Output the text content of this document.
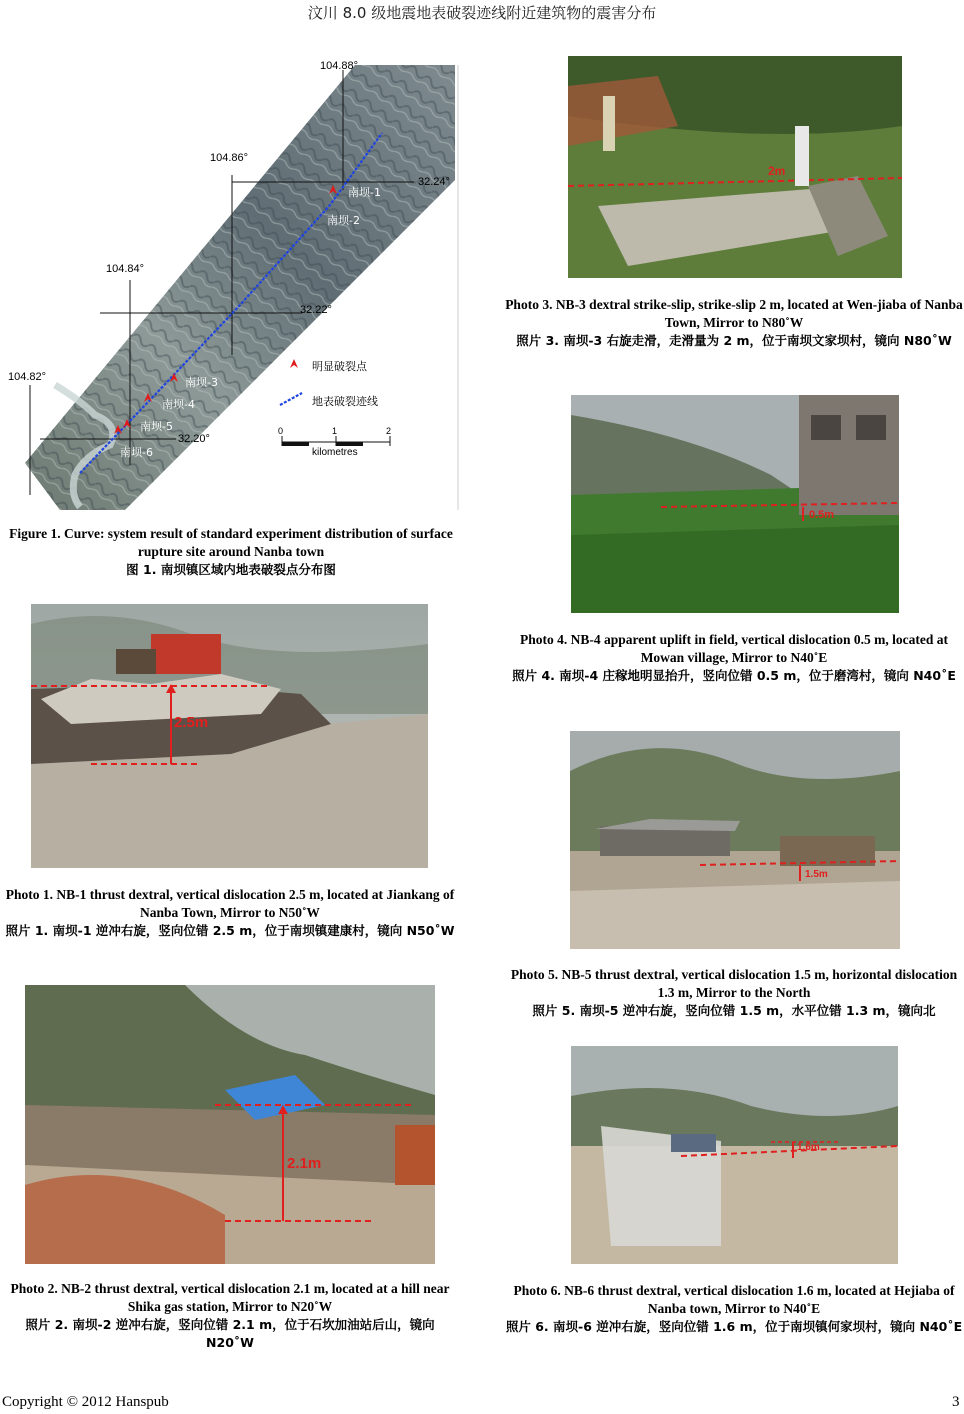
汶川 8.0 级地震地表破裂迹线附近建筑物的震害分布
104.88°
104.86°
104.84°
104.82°
32.24°
32.22°
32.20°
南坝-1
南坝-2
南坝-3
南坝-4
南坝-5
南坝-6
明显破裂点
地表破裂迹线
0	1	2
kilometres
Figure 1. Curve: system result of standard experiment distribution of surface rupture site around Nanba town
图 1. 南坝镇区域内地表破裂点分布图
2.5m
Photo 1. NB-1 thrust dextral, vertical dislocation 2.5 m, located at Jiankang of Nanba Town, Mirror to N50˚W
照片 1. 南坝-1 逆冲右旋，竖向位错 2.5 m，位于南坝镇建康村，镜向 N50˚W
2.1m
Photo 2. NB-2 thrust dextral, vertical dislocation 2.1 m, located at a hill near Shika gas station, Mirror to N20˚W
照片 2. 南坝-2 逆冲右旋，竖向位错 2.1 m，位于石坎加油站后山，镜向 N20˚W
2m
Photo 3. NB-3 dextral strike-slip, strike-slip 2 m, located at Wen-jiaba of Nanba Town, Mirror to N80˚W
照片 3. 南坝-3 右旋走滑，走滑量为 2 m，位于南坝文家坝村，镜向 N80˚W
0.5m
Photo 4. NB-4 apparent uplift in field, vertical dislocation 0.5 m, located at Mowan village, Mirror to N40˚E
照片 4. 南坝-4 庄稼地明显抬升，竖向位错 0.5 m，位于磨湾村，镜向 N40˚E
1.5m
Photo 5. NB-5 thrust dextral, vertical dislocation 1.5 m, horizontal dislocation 1.3 m, Mirror to the North
照片 5. 南坝-5 逆冲右旋，竖向位错 1.5 m，水平位错 1.3 m，镜向北
1.6m
Photo 6. NB-6 thrust dextral, vertical dislocation 1.6 m, located at Hejiaba of Nanba town, Mirror to N40˚E
照片 6. 南坝-6 逆冲右旋，竖向位错 1.6 m，位于南坝镇何家坝村，镜向 N40˚E
Copyright © 2012 Hanspub	3
